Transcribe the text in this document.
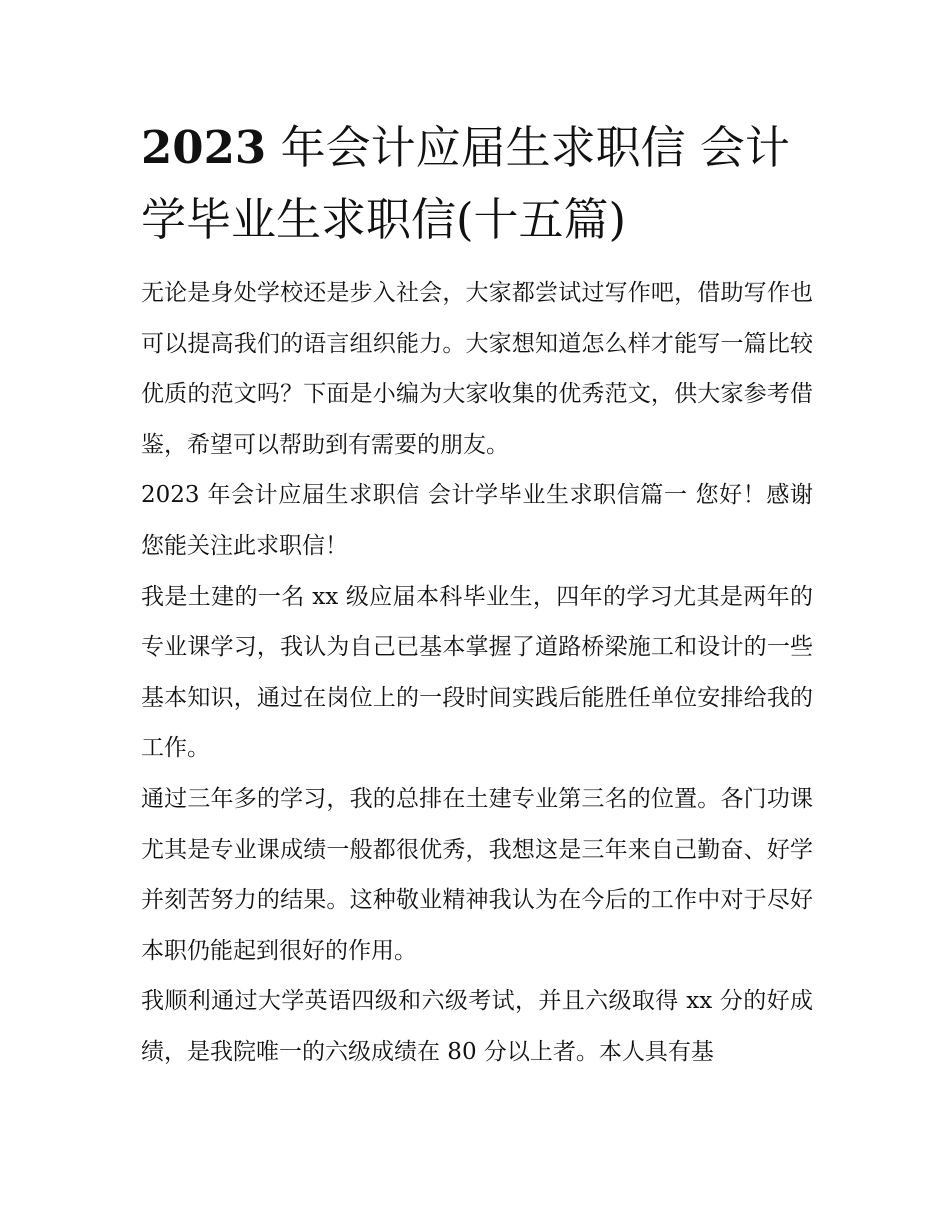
2023 年会计应届生求职信 会计学毕业生求职信(十五篇)

无论是身处学校还是步入社会，大家都尝试过写作吧，借助写作也可以提高我们的语言组织能力。大家想知道怎么样才能写一篇比较优质的范文吗？下面是小编为大家收集的优秀范文，供大家参考借鉴，希望可以帮助到有需要的朋友。

2023 年会计应届生求职信 会计学毕业生求职信篇一 您好！感谢您能关注此求职信！

我是土建的一名 xx 级应届本科毕业生，四年的学习尤其是两年的专业课学习，我认为自己已基本掌握了道路桥梁施工和设计的一些基本知识，通过在岗位上的一段时间实践后能胜任单位安排给我的工作。

通过三年多的学习，我的总排在土建专业第三名的位置。各门功课尤其是专业课成绩一般都很优秀，我想这是三年来自己勤奋、好学并刻苦努力的结果。这种敬业精神我认为在今后的工作中对于尽好本职仍能起到很好的作用。

我顺利通过大学英语四级和六级考试，并且六级取得 xx 分的好成绩，是我院唯一的六级成绩在 80 分以上者。本人具有基
